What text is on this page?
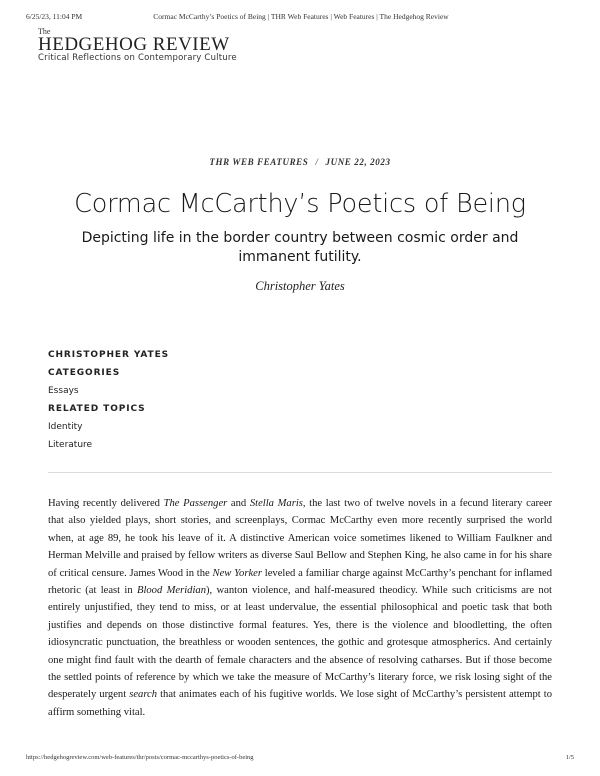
6/25/23, 11:04 PM	Cormac McCarthy’s Poetics of Being | THR Web Features | Web Features | The Hedgehog Review
The
HEDGEHOG REVIEW
Critical Reflections on Contemporary Culture
THR WEB FEATURES / JUNE 22, 2023
Cormac McCarthy’s Poetics of Being
Depicting life in the border country between cosmic order and immanent futility.
Christopher Yates
CHRISTOPHER YATES
CATEGORIES
Essays
RELATED TOPICS
Identity
Literature
Having recently delivered The Passenger and Stella Maris, the last two of twelve novels in a fecund literary career that also yielded plays, short stories, and screenplays, Cormac McCarthy even more recently surprised the world when, at age 89, he took his leave of it. A distinctive American voice sometimes likened to William Faulkner and Herman Melville and praised by fellow writers as diverse Saul Bellow and Stephen King, he also came in for his share of critical censure. James Wood in the New Yorker leveled a familiar charge against McCarthy’s penchant for inflamed rhetoric (at least in Blood Meridian), wanton violence, and half-measured theodicy. While such criticisms are not entirely unjustified, they tend to miss, or at least undervalue, the essential philosophical and poetic task that both justifies and depends on those distinctive formal features. Yes, there is the violence and bloodletting, the often idiosyncratic punctuation, the breathless or wooden sentences, the gothic and grotesque atmospherics. And certainly one might find fault with the dearth of female characters and the absence of resolving catharses. But if those become the settled points of reference by which we take the measure of McCarthy’s literary force, we risk losing sight of the desperately urgent search that animates each of his fugitive worlds. We lose sight of McCarthy’s persistent attempt to affirm something vital.
https://hedgehogreview.com/web-features/thr/posts/cormac-mccarthys-poetics-of-being	1/5
